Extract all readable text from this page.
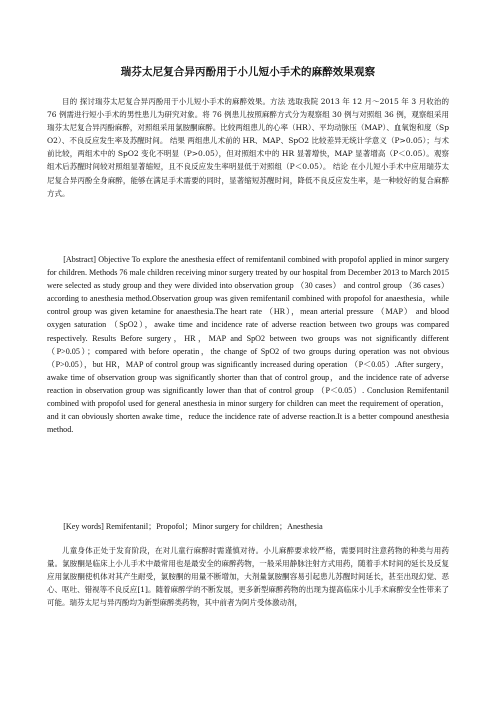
瑞芬太尼复合异丙酚用于小儿短小手术的麻醉效果观察

目的 探讨瑞芬太尼复合异丙酚用于小儿短小手术的麻醉效果。方法 选取我院 2013 年 12 月～2015 年 3 月收治的 76 例需进行短小手术的男性患儿为研究对象。将 76 例患儿按照麻醉方式分为观察组 30 例与对照组 36 例，观察组采用瑞芬太尼复合异丙酚麻醉，对照组采用氯胺酮麻醉。比较两组患儿的心率（HR）、平均动脉压（MAP）、血氧饱和度（SpO2）、不良反应发生率及苏醒时间。 结果 两组患儿术前的 HR、MAP、SpO2 比较差异无统计学意义（P>0.05）；与术前比较，两组术中的 SpO2 变化不明显（P>0.05），但对照组术中的 HR 显著增快，MAP 显著增高（P＜0.05）。观察组术后苏醒时间较对照组显著缩短，且不良反应发生率明显低于对照组（P＜0.05）。 结论 在小儿短小手术中应用瑞芬太尼复合异丙酚全身麻醉，能够在满足手术需要的同时，显著缩短苏醒时间，降低不良反应发生率，是一种较好的复合麻醉方式。

[Abstract] Objective To explore the anesthesia effect of remifentanil combined with propofol applied in minor surgery for children. Methods 76 male children receiving minor surgery treated by our hospital from December 2013 to March 2015 were selected as study group and they were divided into observation group （30 cases） and control group （36 cases） according to anesthesia method.Observation group was given remifentanil combined with propofol for anaesthesia，while control group was given ketamine for anaesthesia.The heart rate （HR），mean arterial pressure （MAP） and blood oxygen saturation （SpO2），awake time and incidence rate of adverse reaction between two groups was compared respectively. Results Before surgery，HR，MAP and SpO2 between two groups was not significantly different （P>0.05）；compared with before operatin，the change of SpO2 of two groups during operation was not obvious （P>0.05），but HR，MAP of control group was significantly increased during operation （P＜0.05）.After surgery，awake time of observation group was significantly shorter than that of control group，and the incidence rate of adverse reaction in observation group was significantly lower than that of control group （P＜0.05）. Conclusion Remifentanil combined with propofol used for general anesthesia in minor surgery for children can meet the requirement of operation，and it can obviously shorten awake time，reduce the incidence rate of adverse reaction.It is a better compound anesthesia method.

[Key words] Remifentanil；Propofol；Minor surgery for children；Anesthesia

儿童身体正处于发育阶段，在对儿童行麻醉时需谨慎对待。小儿麻醉要求较严格，需要同时注意药物的种类与用药量。氯胺酮是临床上小儿手术中最常用也是最安全的麻醉药物，一般采用静脉注射方式用药，随着手术时间的延长及反复应用氯胺酮使机体对其产生耐受，氯胺酮的用量不断增加，大剂量氯胺酮容易引起患儿苏醒时间延长，甚至出现幻觉、恶心、呕吐、错视等不良反应[1]。随着麻醉学的不断发展，更多新型麻醉药物的出现为提高临床小儿手术麻醉安全性带来了可能。瑞芬太尼与异丙酚均为新型麻醉类药物，其中前者为阿片受体激动剂，
